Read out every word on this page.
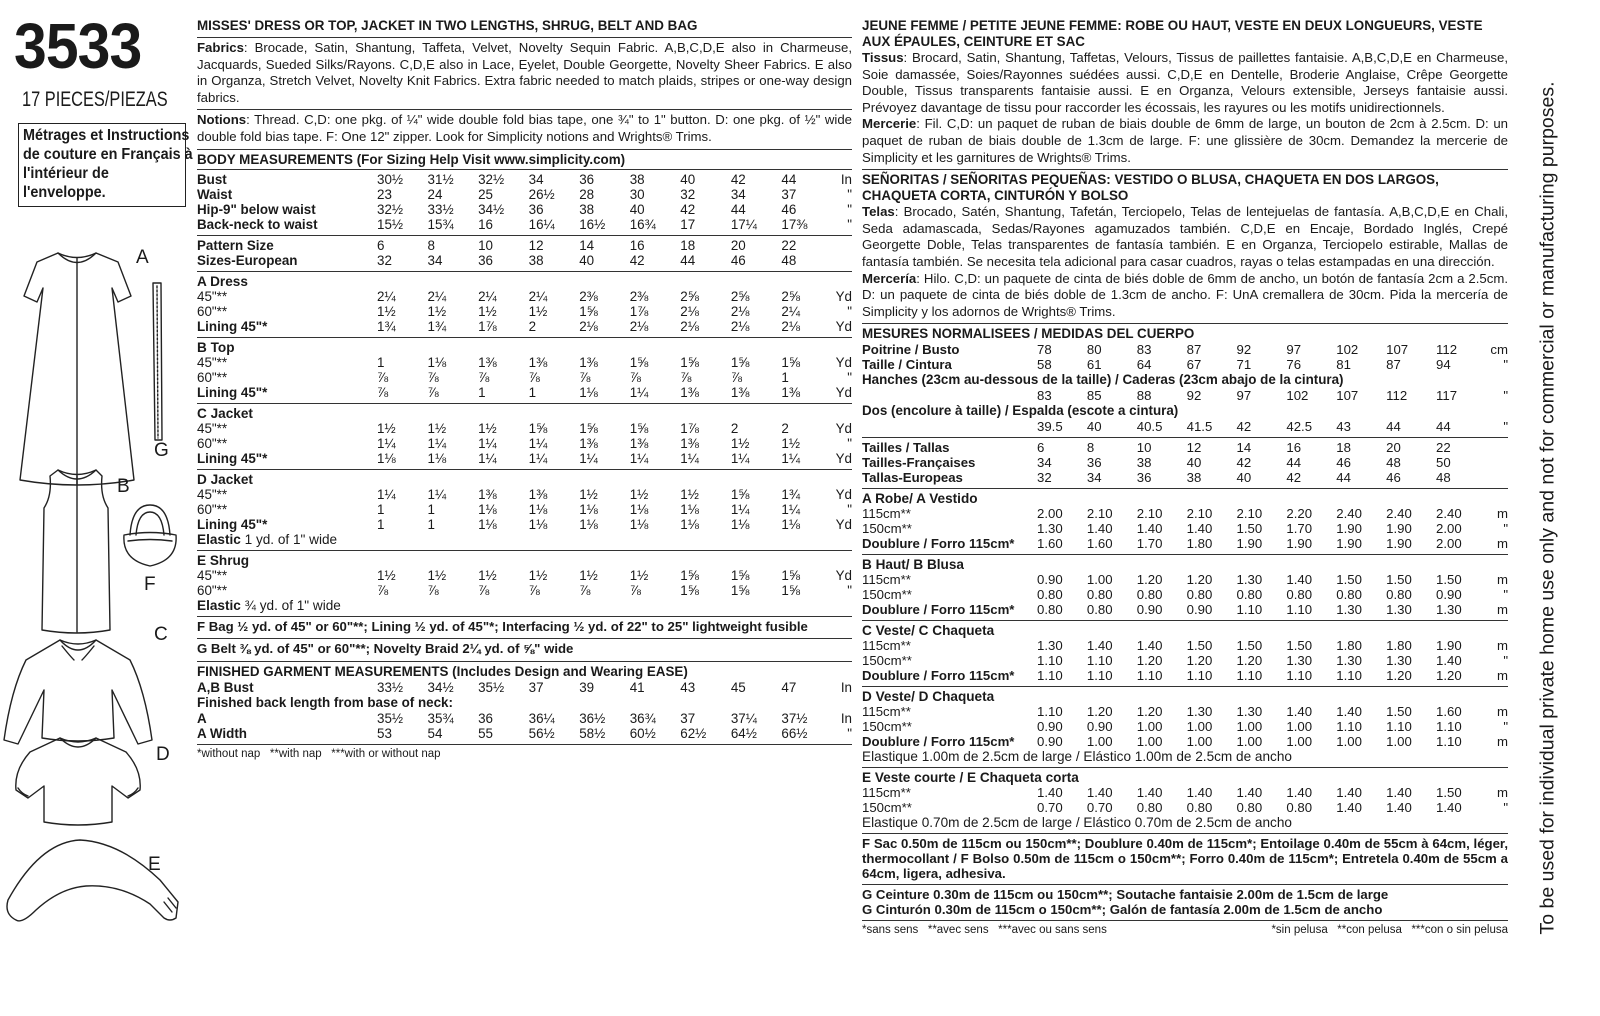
3533
17 PIECES/PIEZAS
Métrages et Instructions
de couture en Français à
l'intérieur de
l'enveloppe.
A
G
B
F
C
D
E
MISSES' DRESS OR TOP, JACKET IN TWO LENGTHS, SHRUG, BELT AND BAG
Fabrics: Brocade, Satin, Shantung, Taffeta, Velvet, Novelty Sequin Fabric. A,B,C,D,E also in Charmeuse, Jacquards, Sueded Silks/Rayons. C,D,E also in Lace, Eyelet, Double Georgette, Novelty Sheer Fabrics. E also in Organza, Stretch Velvet, Novelty Knit Fabrics. Extra fabric needed to match plaids, stripes or one-way design fabrics.
Notions: Thread. C,D: one pkg. of ¼" wide double fold bias tape, one ¾" to 1" button. D: one pkg. of ½" wide double fold bias tape. F: One 12" zipper. Look for Simplicity notions and Wrights® Trims.
BODY MEASUREMENTS (For Sizing Help Visit www.simplicity.com)
Bust	30½	31½	32½	34	36	38	40	42	44	In
Waist	23	24	25	26½	28	30	32	34	37	"
Hip-9" below waist	32½	33½	34½	36	38	40	42	44	46	"
Back-neck to waist	15½	15¾	16	16¼	16½	16¾	17	17¼	17⅜	"
Pattern Size	6	8	10	12	14	16	18	20	22	
Sizes-European	32	34	36	38	40	42	44	46	48	
A Dress
45"**	2¼	2¼	2¼	2¼	2⅜	2⅜	2⅝	2⅝	2⅝	Yd
60"**	1½	1½	1½	1½	1⅝	1⅞	2⅛	2⅛	2¼	"
Lining 45"*	1¾	1¾	1⅞	2	2⅛	2⅛	2⅛	2⅛	2⅛	Yd
B Top
45"**	1	1⅛	1⅜	1⅜	1⅜	1⅝	1⅝	1⅝	1⅝	Yd
60"**	⅞	⅞	⅞	⅞	⅞	⅞	⅞	⅞	1	"
Lining 45"*	⅞	⅞	1	1	1⅛	1¼	1⅜	1⅜	1⅜	Yd
C Jacket
45"**	1½	1½	1½	1⅝	1⅝	1⅝	1⅞	2	2	Yd
60"**	1¼	1¼	1¼	1¼	1⅜	1⅜	1⅜	1½	1½	"
Lining 45"*	1⅛	1⅛	1¼	1¼	1¼	1¼	1¼	1¼	1¼	Yd
D Jacket
45"**	1¼	1¼	1⅜	1⅜	1½	1½	1½	1⅝	1¾	Yd
60"**	1	1	1⅛	1⅛	1⅛	1⅛	1⅛	1¼	1¼	"
Lining 45"*	1	1	1⅛	1⅛	1⅛	1⅛	1⅛	1⅛	1⅛	Yd
Elastic 1 yd. of 1" wide
E Shrug
45"**	1½	1½	1½	1½	1½	1½	1⅝	1⅝	1⅝	Yd
60"**	⅞	⅞	⅞	⅞	⅞	⅞	1⅝	1⅝	1⅝	"
Elastic ¾ yd. of 1" wide
F Bag ½ yd. of 45" or 60"**; Lining ½ yd. of 45"*; Interfacing ½ yd. of 22" to 25" lightweight fusible
G Belt ⅜ yd. of 45" or 60"**; Novelty Braid 2¼ yd. of ⅝" wide
FINISHED GARMENT MEASUREMENTS (Includes Design and Wearing EASE)
A,B Bust	33½	34½	35½	37	39	41	43	45	47	In
Finished back length from base of neck:
A	35½	35¾	36	36¼	36½	36¾	37	37¼	37½	In
A Width	53	54	55	56½	58½	60½	62½	64½	66½	"
*without nap   **with nap   ***with or without nap
JEUNE FEMME / PETITE JEUNE FEMME: ROBE OU HAUT, VESTE EN DEUX LONGUEURS, VESTE AUX ÉPAULES, CEINTURE ET SAC
Tissus: Brocard, Satin, Shantung, Taffetas, Velours, Tissus de paillettes fantaisie. A,B,C,D,E en Charmeuse, Soie damassée, Soies/Rayonnes suédées aussi. C,D,E en Dentelle, Broderie Anglaise, Crêpe Georgette Double, Tissus transparents fantaisie aussi. E en Organza, Velours extensible, Jerseys fantaisie aussi. Prévoyez davantage de tissu pour raccorder les écossais, les rayures ou les motifs unidirectionnels.
Mercerie: Fil. C,D: un paquet de ruban de biais double de 6mm de large, un bouton de 2cm à 2.5cm. D: un paquet de ruban de biais double de 1.3cm de large. F: une glissière de 30cm. Demandez la mercerie de Simplicity et les garnitures de Wrights® Trims.
SEÑORITAS / SEÑORITAS PEQUEÑAS: VESTIDO O BLUSA, CHAQUETA EN DOS LARGOS, CHAQUETA CORTA, CINTURÓN Y BOLSO
Telas: Brocado, Satén, Shantung, Tafetán, Terciopelo, Telas de lentejuelas de fantasía. A,B,C,D,E en Chali, Seda adamascada, Sedas/Rayones agamuzados también. C,D,E en Encaje, Bordado Inglés, Crepé Georgette Doble, Telas transparentes de fantasía también. E en Organza, Terciopelo estirable, Mallas de fantasía también. Se necesita tela adicional para casar cuadros, rayas o telas estampadas en una dirección.
Mercería: Hilo. C,D: un paquete de cinta de biés doble de 6mm de ancho, un botón de fantasía 2cm a 2.5cm. D: un paquete de cinta de biés doble de 1.3cm de ancho. F: UnA cremallera de 30cm. Pida la mercería de Simplicity y los adornos de Wrights® Trims.
MESURES NORMALISEES / MEDIDAS DEL CUERPO
Poitrine / Busto	78	80	83	87	92	97	102	107	112	cm
Taille / Cintura	58	61	64	67	71	76	81	87	94	"
Hanches (23cm au-dessous de la taille) / Caderas (23cm abajo de la cintura)
	83	85	88	92	97	102	107	112	117	"
Dos (encolure à taille) / Espalda (escote a cintura)
	39.5	40	40.5	41.5	42	42.5	43	44	44	"
Tailles / Tallas	6	8	10	12	14	16	18	20	22	
Tailles-Françaises	34	36	38	40	42	44	46	48	50	
Tallas-Europeas	32	34	36	38	40	42	44	46	48	
A Robe/ A Vestido
115cm**	2.00	2.10	2.10	2.10	2.10	2.20	2.40	2.40	2.40	m
150cm**	1.30	1.40	1.40	1.40	1.50	1.70	1.90	1.90	2.00	"
Doublure / Forro 115cm*	1.60	1.60	1.70	1.80	1.90	1.90	1.90	1.90	2.00	m
B Haut/ B Blusa
115cm**	0.90	1.00	1.20	1.20	1.30	1.40	1.50	1.50	1.50	m
150cm**	0.80	0.80	0.80	0.80	0.80	0.80	0.80	0.80	0.90	"
Doublure / Forro 115cm*	0.80	0.80	0.90	0.90	1.10	1.10	1.30	1.30	1.30	m
C Veste/ C Chaqueta
115cm**	1.30	1.40	1.40	1.50	1.50	1.50	1.80	1.80	1.90	m
150cm**	1.10	1.10	1.20	1.20	1.20	1.30	1.30	1.30	1.40	"
Doublure / Forro 115cm*	1.10	1.10	1.10	1.10	1.10	1.10	1.10	1.20	1.20	m
D Veste/ D Chaqueta
115cm**	1.10	1.20	1.20	1.30	1.30	1.40	1.40	1.50	1.60	m
150cm**	0.90	0.90	1.00	1.00	1.00	1.00	1.10	1.10	1.10	"
Doublure / Forro 115cm*	0.90	1.00	1.00	1.00	1.00	1.00	1.00	1.00	1.10	m
Elastique 1.00m de 2.5cm de large / Elástico 1.00m de 2.5cm de ancho
E Veste courte / E Chaqueta corta
115cm**	1.40	1.40	1.40	1.40	1.40	1.40	1.40	1.40	1.50	m
150cm**	0.70	0.70	0.80	0.80	0.80	0.80	1.40	1.40	1.40	"
Elastique 0.70m de 2.5cm de large / Elástico 0.70m de 2.5cm de ancho
F Sac 0.50m de 115cm ou 150cm**; Doublure 0.40m de 115cm*; Entoilage 0.40m de 55cm à 64cm, léger, thermocollant / F Bolso 0.50m de 115cm o 150cm**; Forro 0.40m de 115cm*; Entretela 0.40m de 55cm a 64cm, ligera, adhesiva.
G Ceinture 0.30m de 115cm ou 150cm**; Soutache fantaisie 2.00m de 1.5cm de large
G Cinturón 0.30m de 115cm o 150cm**; Galón de fantasía 2.00m de 1.5cm de ancho
*sans sens   **avec sens   ***avec ou sans sens	*sin pelusa   **con pelusa   ***con o sin pelusa To be used for individual private home use only and not for commercial or manufacturing purposes.
